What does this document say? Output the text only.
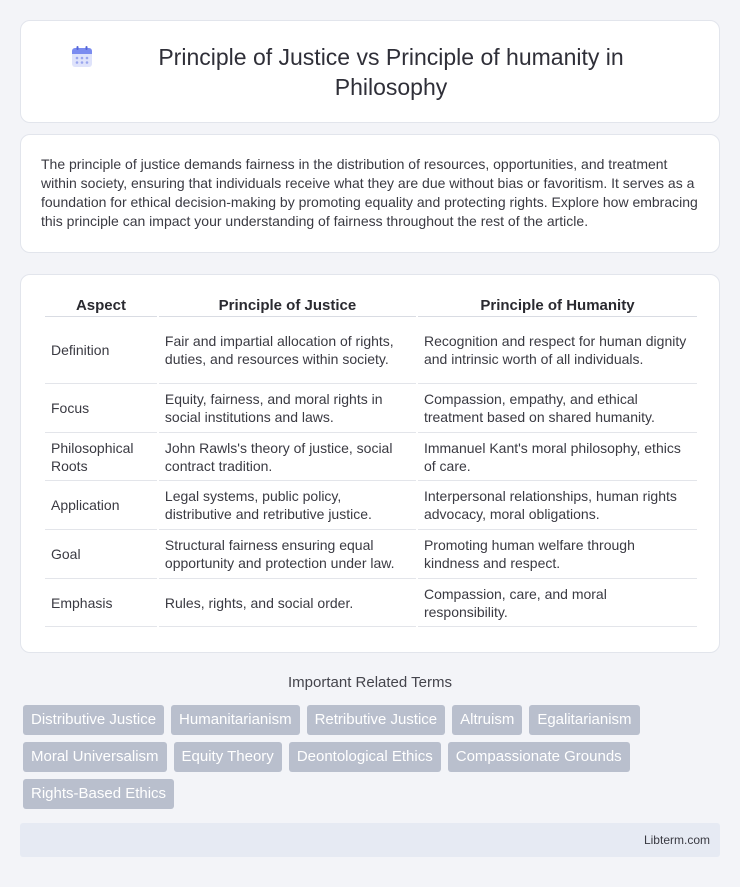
Principle of Justice vs Principle of humanity in Philosophy

The principle of justice demands fairness in the distribution of resources, opportunities, and treatment within society, ensuring that individuals receive what they are due without bias or favoritism. It serves as a foundation for ethical decision-making by promoting equality and protecting rights. Explore how embracing this principle can impact your understanding of fairness throughout the rest of the article.

Aspect	Principle of Justice	Principle of Humanity
Definition	Fair and impartial allocation of rights, duties, and resources within society.	Recognition and respect for human dignity and intrinsic worth of all individuals.
Focus	Equity, fairness, and moral rights in social institutions and laws.	Compassion, empathy, and ethical treatment based on shared humanity.
Philosophical Roots	John Rawls's theory of justice, social contract tradition.	Immanuel Kant's moral philosophy, ethics of care.
Application	Legal systems, public policy, distributive and retributive justice.	Interpersonal relationships, human rights advocacy, moral obligations.
Goal	Structural fairness ensuring equal opportunity and protection under law.	Promoting human welfare through kindness and respect.
Emphasis	Rules, rights, and social order.	Compassion, care, and moral responsibility.
Important Related Terms
Distributive Justice	Humanitarianism	Retributive Justice	Altruism	Egalitarianism
Moral Universalism	Equity Theory	Deontological Ethics	Compassionate Grounds
Rights-Based Ethics
Libterm.com
